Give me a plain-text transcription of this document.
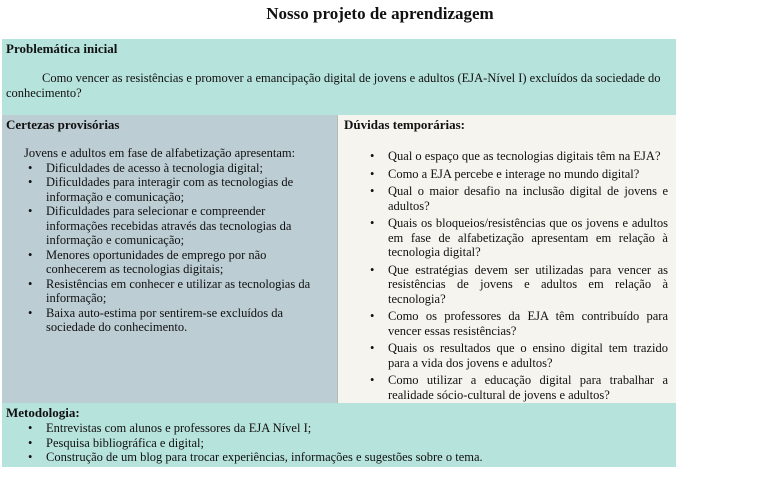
Nosso projeto de aprendizagem
Problemática inicial
Como vencer as resistências e promover a emancipação digital de jovens e adultos (EJA-Nível I) excluídos da sociedade do conhecimento?
Certezas provisórias
Jovens e adultos em fase de alfabetização apresentam:
• Dificuldades de acesso à tecnologia digital;
• Dificuldades para interagir com as tecnologias de informação e comunicação;
• Dificuldades para selecionar e compreender informações recebidas através das tecnologias da informação e comunicação;
• Menores oportunidades de emprego por não conhecerem as tecnologias digitais;
• Resistências em conhecer e utilizar as tecnologias da informação;
• Baixa auto-estima por sentirem-se excluídos da sociedade do conhecimento.
Dúvidas temporárias:
• Qual o espaço que as tecnologias digitais têm na EJA?
• Como a EJA percebe e interage no mundo digital?
• Qual o maior desafio na inclusão digital de jovens e adultos?
• Quais os bloqueios/resistências que os jovens e adultos em fase de alfabetização apresentam em relação à tecnologia digital?
• Que estratégias devem ser utilizadas para vencer as resistências de jovens e adultos em relação à tecnologia?
• Como os professores da EJA têm contribuído para vencer essas resistências?
• Quais os resultados que o ensino digital tem trazido para a vida dos jovens e adultos?
• Como utilizar a educação digital para trabalhar a realidade sócio-cultural de jovens e adultos?
Metodologia:
• Entrevistas com alunos e professores da EJA Nível I;
• Pesquisa bibliográfica e digital;
• Construção de um blog para trocar experiências, informações e sugestões sobre o tema.
